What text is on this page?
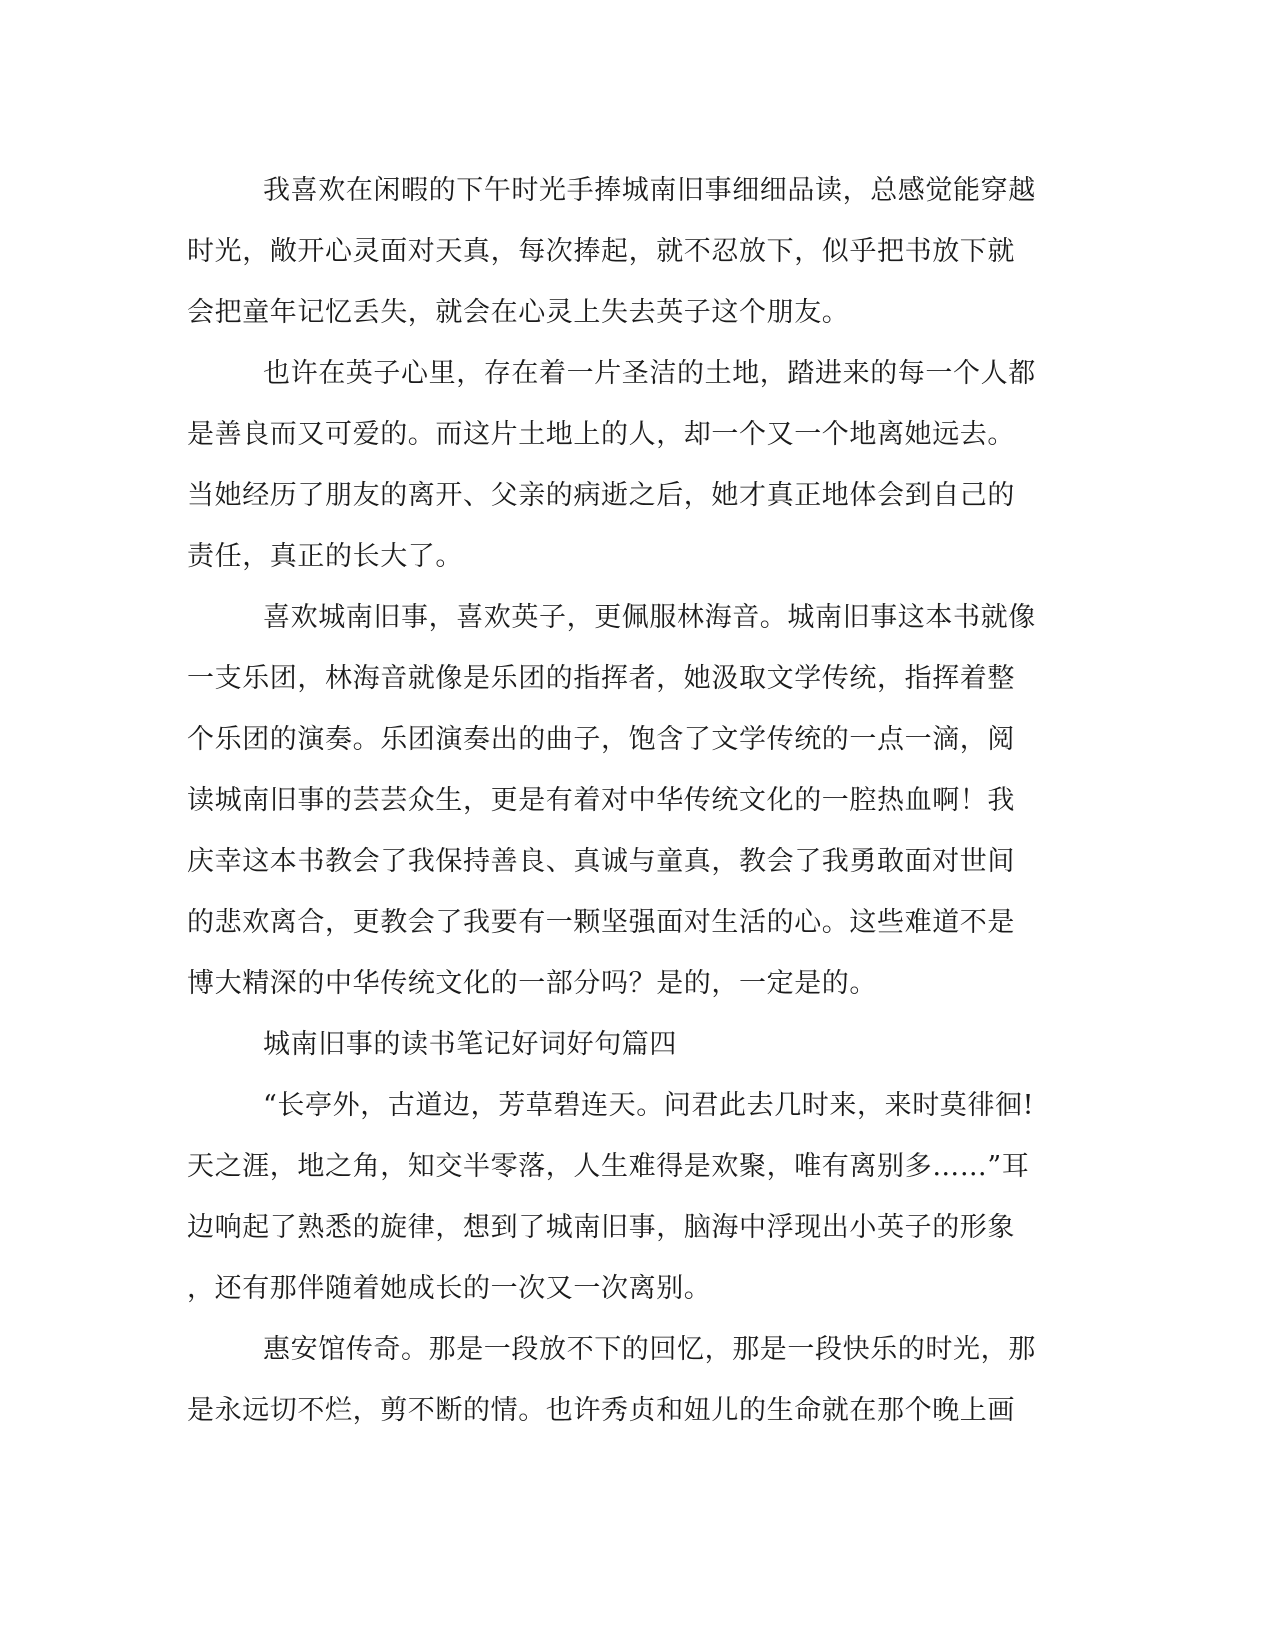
我喜欢在闲暇的下午时光手捧城南旧事细细品读，总感觉能穿越
时光，敞开心灵面对天真，每次捧起，就不忍放下，似乎把书放下就
会把童年记忆丢失，就会在心灵上失去英子这个朋友。
也许在英子心里，存在着一片圣洁的土地，踏进来的每一个人都
是善良而又可爱的。而这片土地上的人，却一个又一个地离她远去。
当她经历了朋友的离开、父亲的病逝之后，她才真正地体会到自己的
责任，真正的长大了。
喜欢城南旧事，喜欢英子，更佩服林海音。城南旧事这本书就像
一支乐团，林海音就像是乐团的指挥者，她汲取文学传统，指挥着整
个乐团的演奏。乐团演奏出的曲子，饱含了文学传统的一点一滴，阅
读城南旧事的芸芸众生，更是有着对中华传统文化的一腔热血啊！我
庆幸这本书教会了我保持善良、真诚与童真，教会了我勇敢面对世间
的悲欢离合，更教会了我要有一颗坚强面对生活的心。这些难道不是
博大精深的中华传统文化的一部分吗？是的，一定是的。
城南旧事的读书笔记好词好句篇四
“长亭外，古道边，芳草碧连天。问君此去几时来，来时莫徘徊!
天之涯，地之角，知交半零落，人生难得是欢聚，唯有离别多……”耳
边响起了熟悉的旋律，想到了城南旧事，脑海中浮现出小英子的形象
，还有那伴随着她成长的一次又一次离别。
惠安馆传奇。那是一段放不下的回忆，那是一段快乐的时光，那
是永远切不烂，剪不断的情。也许秀贞和妞儿的生命就在那个晚上画
